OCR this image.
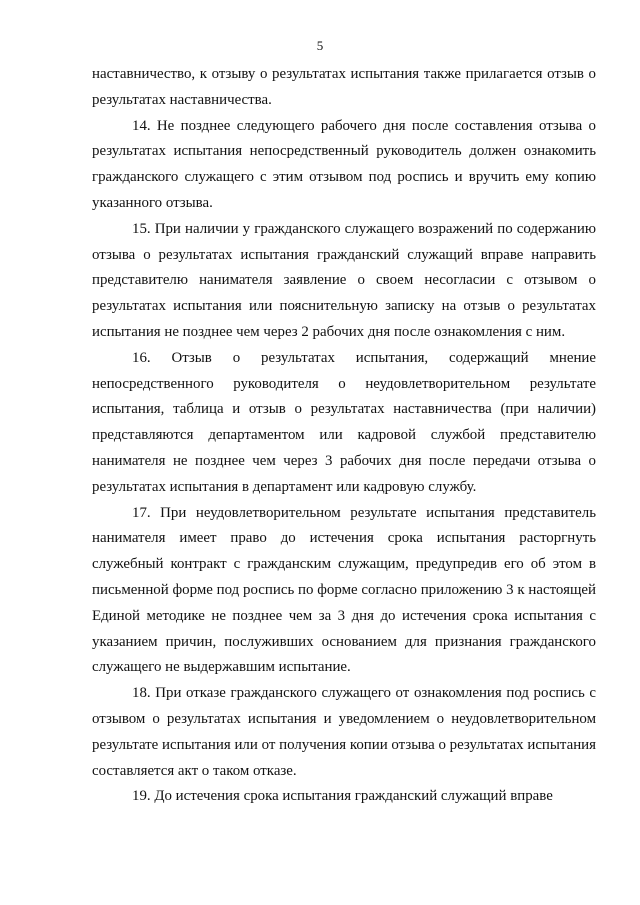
5

наставничество, к отзыву о результатах испытания также прилагается отзыв о результатах наставничества.

14. Не позднее следующего рабочего дня после составления отзыва о результатах испытания непосредственный руководитель должен ознакомить гражданского служащего с этим отзывом под роспись и вручить ему копию указанного отзыва.

15. При наличии у гражданского служащего возражений по содержанию отзыва о результатах испытания гражданский служащий вправе направить представителю нанимателя заявление о своем несогласии с отзывом о результатах испытания или пояснительную записку на отзыв о результатах испытания не позднее чем через 2 рабочих дня после ознакомления с ним.

16. Отзыв о результатах испытания, содержащий мнение непосредственного руководителя о неудовлетворительном результате испытания, таблица и отзыв о результатах наставничества (при наличии) представляются департаментом или кадровой службой представителю нанимателя не позднее чем через 3 рабочих дня после передачи отзыва о результатах испытания в департамент или кадровую службу.

17. При неудовлетворительном результате испытания представитель нанимателя имеет право до истечения срока испытания расторгнуть служебный контракт с гражданским служащим, предупредив его об этом в письменной форме под роспись по форме согласно приложению 3 к настоящей Единой методике не позднее чем за 3 дня до истечения срока испытания с указанием причин, послуживших основанием для признания гражданского служащего не выдержавшим испытание.

18. При отказе гражданского служащего от ознакомления под роспись с отзывом о результатах испытания и уведомлением о неудовлетворительном результате испытания или от получения копии отзыва о результатах испытания составляется акт о таком отказе.

19. До истечения срока испытания гражданский служащий вправе
